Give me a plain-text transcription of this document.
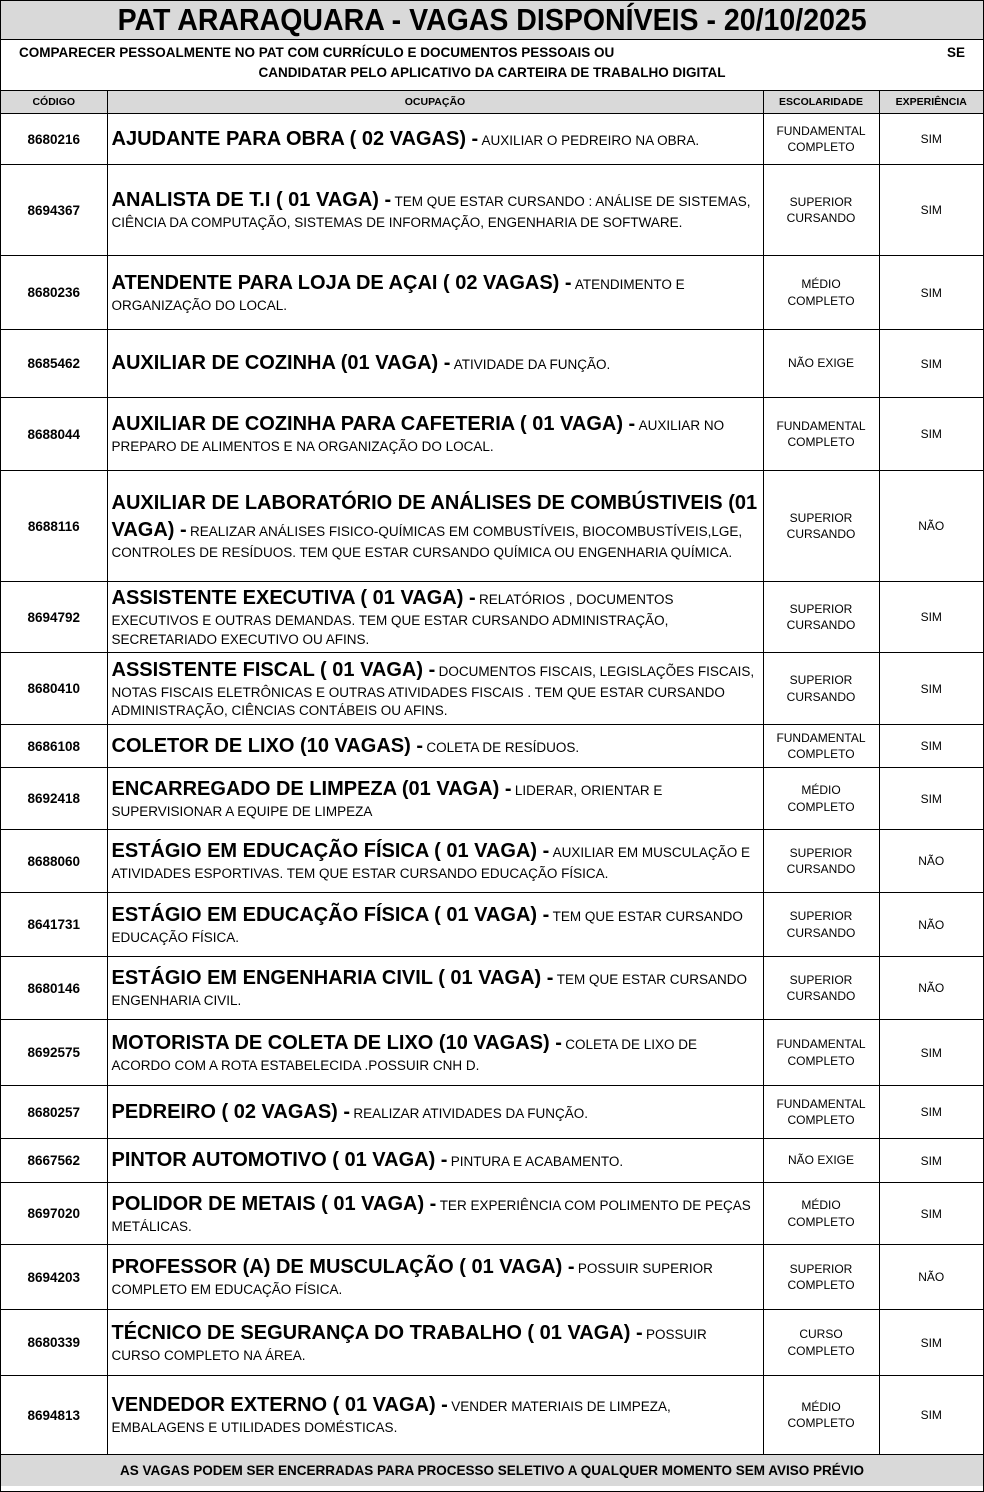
PAT ARARAQUARA - VAGAS DISPONÍVEIS - 20/10/2025
COMPARECER PESSOALMENTE NO PAT COM CURRÍCULO E DOCUMENTOS PESSOAIS OU	SE
CANDIDATAR PELO APLICATIVO DA CARTEIRA DE TRABALHO DIGITAL
CÓDIGO	OCUPAÇÃO	ESCOLARIDADE	EXPERIÊNCIA
8680216	AJUDANTE PARA OBRA ( 02 VAGAS) - AUXILIAR O PEDREIRO NA OBRA.	FUNDAMENTAL COMPLETO	SIM
8694367	ANALISTA DE T.I ( 01 VAGA) - TEM QUE ESTAR CURSANDO : ANÁLISE DE SISTEMAS, CIÊNCIA DA COMPUTAÇÃO, SISTEMAS DE INFORMAÇÃO, ENGENHARIA DE SOFTWARE.	SUPERIOR CURSANDO	SIM
8680236	ATENDENTE PARA LOJA DE AÇAI ( 02 VAGAS) - ATENDIMENTO E ORGANIZAÇÃO DO LOCAL.	MÉDIO COMPLETO	SIM
8685462	AUXILIAR DE COZINHA (01 VAGA) - ATIVIDADE DA FUNÇÃO.	NÃO EXIGE	SIM
8688044	AUXILIAR DE COZINHA PARA CAFETERIA ( 01 VAGA) - AUXILIAR NO PREPARO DE ALIMENTOS E NA ORGANIZAÇÃO DO LOCAL.	FUNDAMENTAL COMPLETO	SIM
8688116	AUXILIAR DE LABORATÓRIO DE ANÁLISES DE COMBÚSTIVEIS (01 VAGA) - REALIZAR ANÁLISES FISICO-QUÍMICAS EM COMBUSTÍVEIS, BIOCOMBUSTÍVEIS,LGE, CONTROLES DE RESÍDUOS. TEM QUE ESTAR CURSANDO QUÍMICA OU ENGENHARIA QUÍMICA.	SUPERIOR CURSANDO	NÃO
8694792	ASSISTENTE EXECUTIVA ( 01 VAGA) - RELATÓRIOS , DOCUMENTOS EXECUTIVOS E OUTRAS DEMANDAS. TEM QUE ESTAR CURSANDO ADMINISTRAÇÃO, SECRETARIADO EXECUTIVO OU AFINS.	SUPERIOR CURSANDO	SIM
8680410	ASSISTENTE FISCAL ( 01 VAGA) - DOCUMENTOS FISCAIS, LEGISLAÇÕES FISCAIS, NOTAS FISCAIS ELETRÔNICAS E OUTRAS ATIVIDADES FISCAIS . TEM QUE ESTAR CURSANDO ADMINISTRAÇÃO, CIÊNCIAS CONTÁBEIS OU AFINS.	SUPERIOR CURSANDO	SIM
8686108	COLETOR DE LIXO (10 VAGAS) - COLETA DE RESÍDUOS.	FUNDAMENTAL COMPLETO	SIM
8692418	ENCARREGADO DE LIMPEZA (01 VAGA) - LIDERAR, ORIENTAR E SUPERVISIONAR A EQUIPE DE LIMPEZA	MÉDIO COMPLETO	SIM
8688060	ESTÁGIO EM EDUCAÇÃO FÍSICA ( 01 VAGA) - AUXILIAR EM MUSCULAÇÃO E ATIVIDADES ESPORTIVAS. TEM QUE ESTAR CURSANDO EDUCAÇÃO FÍSICA.	SUPERIOR CURSANDO	NÃO
8641731	ESTÁGIO EM EDUCAÇÃO FÍSICA ( 01 VAGA) - TEM QUE ESTAR CURSANDO EDUCAÇÃO FÍSICA.	SUPERIOR CURSANDO	NÃO
8680146	ESTÁGIO EM ENGENHARIA CIVIL ( 01 VAGA) - TEM QUE ESTAR CURSANDO ENGENHARIA CIVIL.	SUPERIOR CURSANDO	NÃO
8692575	MOTORISTA DE COLETA DE LIXO (10 VAGAS) - COLETA DE LIXO DE ACORDO COM A ROTA ESTABELECIDA .POSSUIR CNH D.	FUNDAMENTAL COMPLETO	SIM
8680257	PEDREIRO ( 02 VAGAS) - REALIZAR ATIVIDADES DA FUNÇÃO.	FUNDAMENTAL COMPLETO	SIM
8667562	PINTOR AUTOMOTIVO ( 01 VAGA) - PINTURA E ACABAMENTO.	NÃO EXIGE	SIM
8697020	POLIDOR DE METAIS ( 01 VAGA) - TER EXPERIÊNCIA COM POLIMENTO DE PEÇAS METÁLICAS.	MÉDIO COMPLETO	SIM
8694203	PROFESSOR (A) DE MUSCULAÇÃO ( 01 VAGA) - POSSUIR SUPERIOR COMPLETO EM EDUCAÇÃO FÍSICA.	SUPERIOR COMPLETO	NÃO
8680339	TÉCNICO DE SEGURANÇA DO TRABALHO ( 01 VAGA) - POSSUIR CURSO COMPLETO NA ÁREA.	CURSO COMPLETO	SIM
8694813	VENDEDOR EXTERNO ( 01 VAGA) - VENDER MATERIAIS DE LIMPEZA, EMBALAGENS E UTILIDADES DOMÉSTICAS.	MÉDIO COMPLETO	SIM
AS VAGAS PODEM SER ENCERRADAS PARA PROCESSO SELETIVO A QUALQUER MOMENTO SEM AVISO PRÉVIO			
